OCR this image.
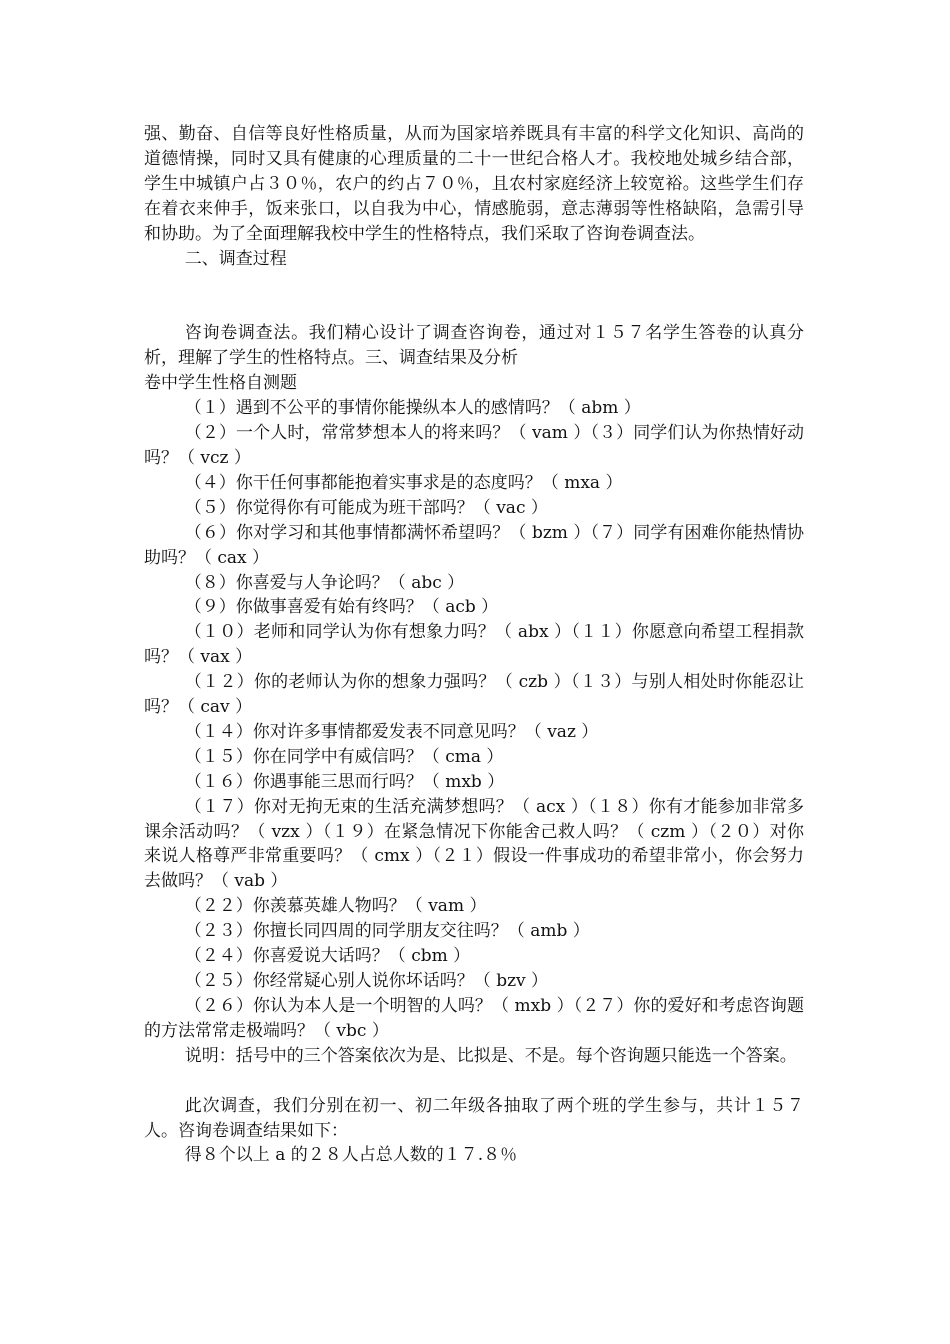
强、勤奋、自信等良好性格质量，从而为国家培养既具有丰富的科学文化知识、高尚的道德情操，同时又具有健康的心理质量的二十一世纪合格人才。我校地处城乡结合部，学生中城镇户占３０％，农户的约占７０％，且农村家庭经济上较宽裕。这些学生们存在着衣来伸手，饭来张口，以自我为中心，情感脆弱，意志薄弱等性格缺陷，急需引导和协助。为了全面理解我校中学生的性格特点，我们采取了咨询卷调查法。

二、调查过程

咨询卷调查法。我们精心设计了调查咨询卷，通过对１５７名学生答卷的认真分析，理解了学生的性格特点。三、调查结果及分析

卷中学生性格自测题

（１）遇到不公平的事情你能操纵本人的感情吗？（ abm ）

（２）一个人时，常常梦想本人的将来吗？（ vam ）（３）同学们认为你热情好动吗？（ vcz ）

（４）你干任何事都能抱着实事求是的态度吗？（ mxa ）

（５）你觉得你有可能成为班干部吗？（ vac ）

（６）你对学习和其他事情都满怀希望吗？（ bzm ）（７）同学有困难你能热情协助吗？（ cax ）

（８）你喜爱与人争论吗？（ abc ）

（９）你做事喜爱有始有终吗？（ acb ）

（１０）老师和同学认为你有想象力吗？（ abx ）（１１）你愿意向希望工程捐款吗？（ vax ）

（１２）你的老师认为你的想象力强吗？（ czb ）（１３）与别人相处时你能忍让吗？（ cav ）

（１４）你对许多事情都爱发表不同意见吗？（ vaz ）

（１５）你在同学中有威信吗？（ cma ）

（１６）你遇事能三思而行吗？（ mxb ）

（１７）你对无拘无束的生活充满梦想吗？（ acx ）（１８）你有才能参加非常多课余活动吗？（ vzx ）（１９）在紧急情况下你能舍己救人吗？（ czm ）（２０）对你来说人格尊严非常重要吗？（ cmx ）（２１）假设一件事成功的希望非常小，你会努力去做吗？（ vab ）

（２２）你羡慕英雄人物吗？（ vam ）

（２３）你擅长同四周的同学朋友交往吗？（ amb ）

（２４）你喜爱说大话吗？（ cbm ）

（２５）你经常疑心别人说你坏话吗？（ bzv ）

（２６）你认为本人是一个明智的人吗？（ mxb ）（２７）你的爱好和考虑咨询题的方法常常走极端吗？（ vbc ）

说明：括号中的三个答案依次为是、比拟是、不是。每个咨询题只能选一个答案。

此次调查，我们分别在初一、初二年级各抽取了两个班的学生参与，共计１５７人。咨询卷调查结果如下：

得８个以上 a 的２８人占总人数的１７.８％
